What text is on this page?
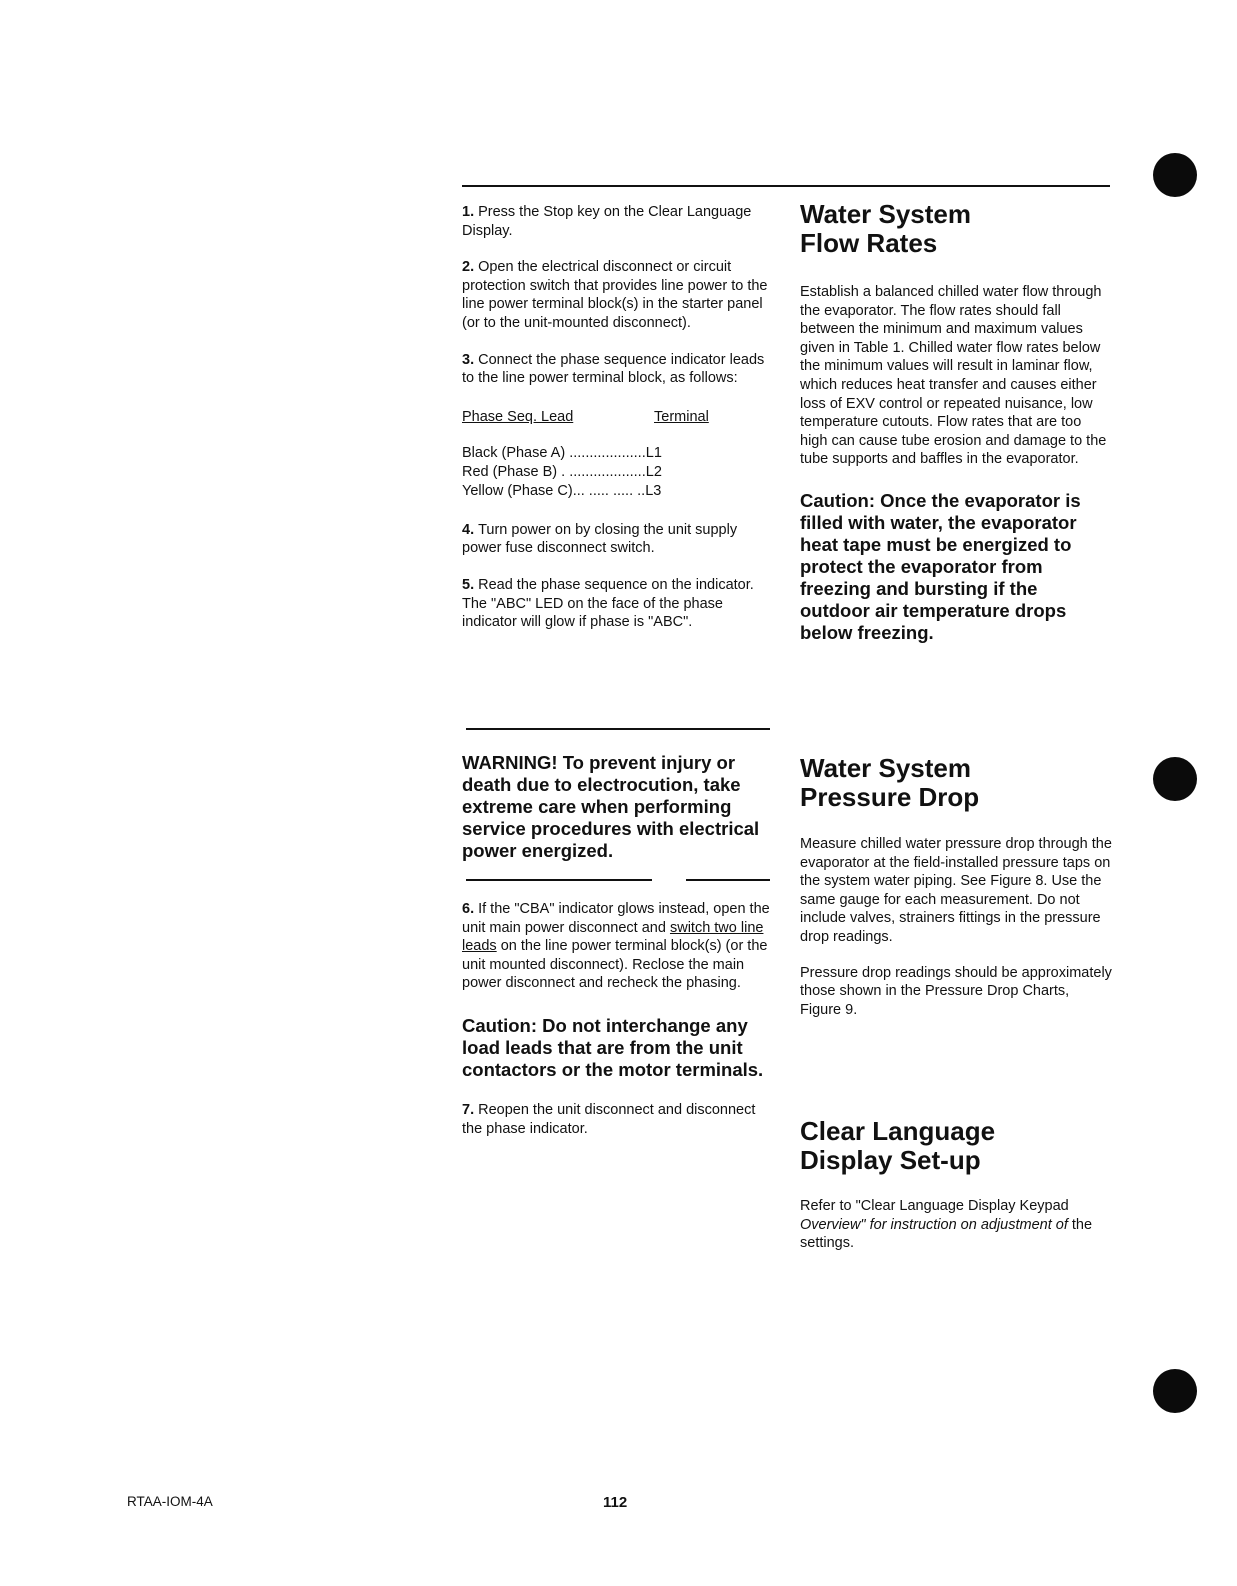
1. Press the Stop key on the Clear Language Display.

2. Open the electrical disconnect or circuit protection switch that provides line power to the line power terminal block(s) in the starter panel (or to the unit-mounted disconnect).

3. Connect the phase sequence indicator leads to the line power terminal block, as follows:

Phase Seq. Lead	Terminal
Black (Phase A) ...................L1
Red (Phase B) . ...................L2
Yellow (Phase C)... ..... ..... ..L3

4. Turn power on by closing the unit supply power fuse disconnect switch.

5. Read the phase sequence on the indicator. The "ABC" LED on the face of the phase indicator will glow if phase is "ABC".

WARNING! To prevent injury or death due to electrocution, take extreme care when performing service procedures with electrical power energized.

6. If the "CBA" indicator glows instead, open the unit main power disconnect and switch two line leads on the line power terminal block(s) (or the unit mounted disconnect). Reclose the main power disconnect and recheck the phasing.

Caution: Do not interchange any load leads that are from the unit contactors or the motor terminals.

7. Reopen the unit disconnect and disconnect the phase indicator.

Water System
Flow Rates

Establish a balanced chilled water flow through the evaporator. The flow rates should fall between the minimum and maximum values given in Table 1. Chilled water flow rates below the minimum values will result in laminar flow, which reduces heat transfer and causes either loss of EXV control or repeated nuisance, low temperature cutouts. Flow rates that are too high can cause tube erosion and damage to the tube supports and baffles in the evaporator.

Caution: Once the evaporator is filled with water, the evaporator heat tape must be energized to protect the evaporator from freezing and bursting if the outdoor air temperature drops below freezing.

Water System
Pressure Drop

Measure chilled water pressure drop through the evaporator at the field-installed pressure taps on the system water piping. See Figure 8. Use the same gauge for each measurement. Do not include valves, strainers fittings in the pressure drop readings.

Pressure drop readings should be approximately those shown in the Pressure Drop Charts, Figure 9.

Clear Language
Display Set-up

Refer to "Clear Language Display Keypad Overview" for instruction on adjustment of the settings.

RTAA-IOM-4A	112
